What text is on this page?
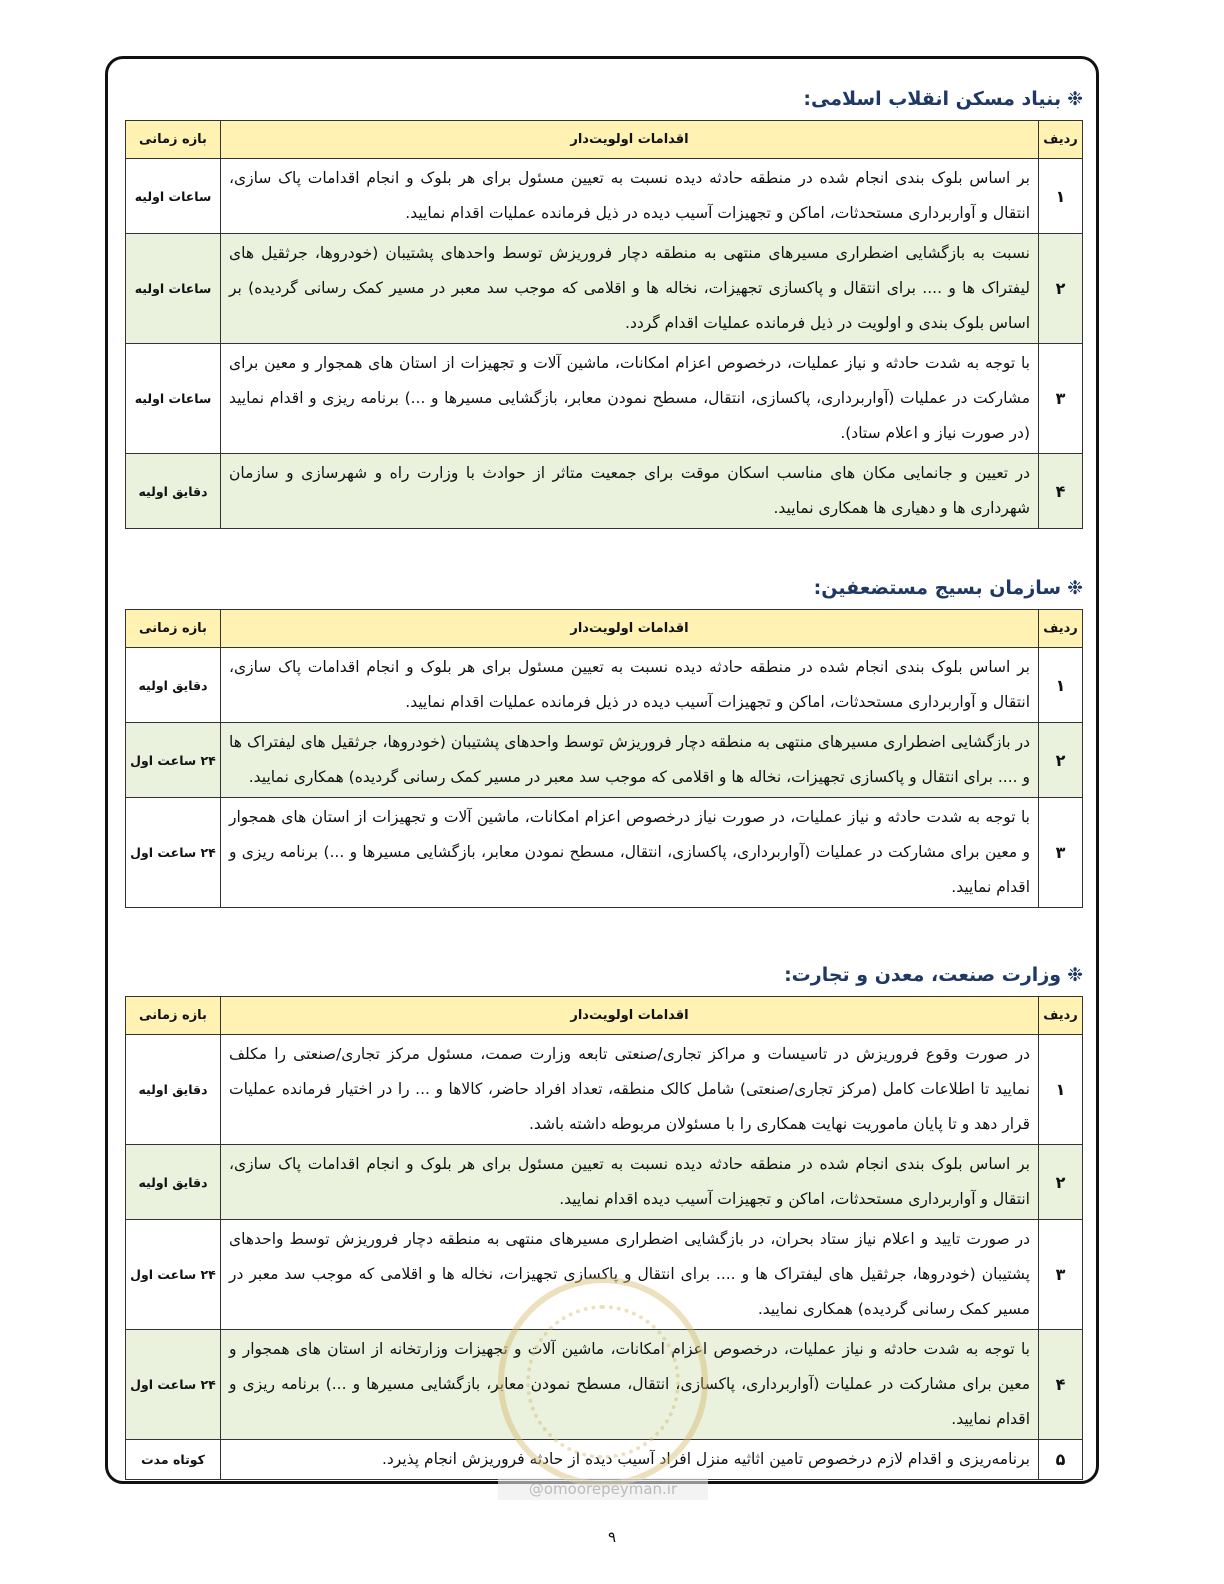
❉بنیاد مسکن انقلاب اسلامی:
ردیف	اقدامات اولویت‌دار	بازه زمانی
۱	بر اساس بلوک بندی انجام شده در منطقه حادثه دیده نسبت به تعیین مسئول برای هر بلوک و انجام اقدامات پاک سازی، انتقال و آواربرداری مستحدثات، اماکن و تجهیزات آسیب دیده در ذیل فرمانده عملیات اقدام نمایید.	ساعات اولیه
۲	نسبت به بازگشایی اضطراری مسیرهای منتهی به منطقه دچار فروریزش توسط واحدهای پشتیبان (خودروها، جرثقیل های لیفتراک ها و .... برای انتقال و پاکسازی تجهیزات، نخاله ها و اقلامی که موجب سد معبر در مسیر کمک رسانی گردیده) بر اساس بلوک بندی و اولویت در ذیل فرمانده عملیات اقدام گردد.	ساعات اولیه
۳	با توجه به شدت حادثه و نیاز عملیات، درخصوص اعزام امکانات، ماشین آلات و تجهیزات از استان های همجوار و معین برای مشارکت در عملیات (آواربرداری، پاکسازی، انتقال، مسطح نمودن معابر، بازگشایی مسیرها و ...) برنامه ریزی و اقدام نمایید (در صورت نیاز و اعلام ستاد).	ساعات اولیه
۴	در تعیین و جانمایی مکان های مناسب اسکان موقت برای جمعیت متاثر از حوادث با وزارت راه و شهرسازی و سازمان شهرداری ها و دهیاری ها همکاری نمایید.	دقایق اولیه
❉سازمان بسیج مستضعفین:
ردیف	اقدامات اولویت‌دار	بازه زمانی
۱	بر اساس بلوک بندی انجام شده در منطقه حادثه دیده نسبت به تعیین مسئول برای هر بلوک و انجام اقدامات پاک سازی، انتقال و آواربرداری مستحدثات، اماکن و تجهیزات آسیب دیده در ذیل فرمانده عملیات اقدام نمایید.	دقایق اولیه
۲	در بازگشایی اضطراری مسیرهای منتهی به منطقه دچار فروریزش توسط واحدهای پشتیبان (خودروها، جرثقیل های لیفتراک ها و .... برای انتقال و پاکسازی تجهیزات، نخاله ها و اقلامی که موجب سد معبر در مسیر کمک رسانی گردیده) همکاری نمایید.	۲۴ ساعت اول
۳	با توجه به شدت حادثه و نیاز عملیات، در صورت نیاز درخصوص اعزام امکانات، ماشین آلات و تجهیزات از استان های همجوار و معین برای مشارکت در عملیات (آواربرداری، پاکسازی، انتقال، مسطح نمودن معابر، بازگشایی مسیرها و ...) برنامه ریزی و اقدام نمایید.	۲۴ ساعت اول
❉وزارت صنعت، معدن و تجارت:
ردیف	اقدامات اولویت‌دار	بازه زمانی
۱	در صورت وقوع فروریزش در تاسیسات و مراکز تجاری/صنعتی تابعه وزارت صمت، مسئول مرکز تجاری/صنعتی را مکلف نمایید تا اطلاعات کامل (مرکز تجاری/صنعتی) شامل کالک منطقه، تعداد افراد حاضر، کالاها و ... را در اختیار فرمانده عملیات قرار دهد و تا پایان ماموریت نهایت همکاری را با مسئولان مربوطه داشته باشد.	دقایق اولیه
۲	بر اساس بلوک بندی انجام شده در منطقه حادثه دیده نسبت به تعیین مسئول برای هر بلوک و انجام اقدامات پاک سازی، انتقال و آواربرداری مستحدثات، اماکن و تجهیزات آسیب دیده اقدام نمایید.	دقایق اولیه
۳	در صورت تایید و اعلام نیاز ستاد بحران، در بازگشایی اضطراری مسیرهای منتهی به منطقه دچار فروریزش توسط واحدهای پشتیبان (خودروها، جرثقیل های لیفتراک ها و .... برای انتقال و پاکسازی تجهیزات، نخاله ها و اقلامی که موجب سد معبر در مسیر کمک رسانی گردیده) همکاری نمایید.	۲۴ ساعت اول
۴	با توجه به شدت حادثه و نیاز عملیات، درخصوص اعزام امکانات، ماشین آلات و تجهیزات وزارتخانه از استان های همجوار و معین برای مشارکت در عملیات (آواربرداری، پاکسازی، انتقال، مسطح نمودن معابر، بازگشایی مسیرها و ...) برنامه ریزی و اقدام نمایید.	۲۴ ساعت اول
۵	برنامه‌ریزی و اقدام لازم درخصوص تامین اثاثیه منزل افراد آسیب دیده از حادثه فروریزش انجام پذیرد.	کوتاه مدت
@omoorepeyman.ir
۹
